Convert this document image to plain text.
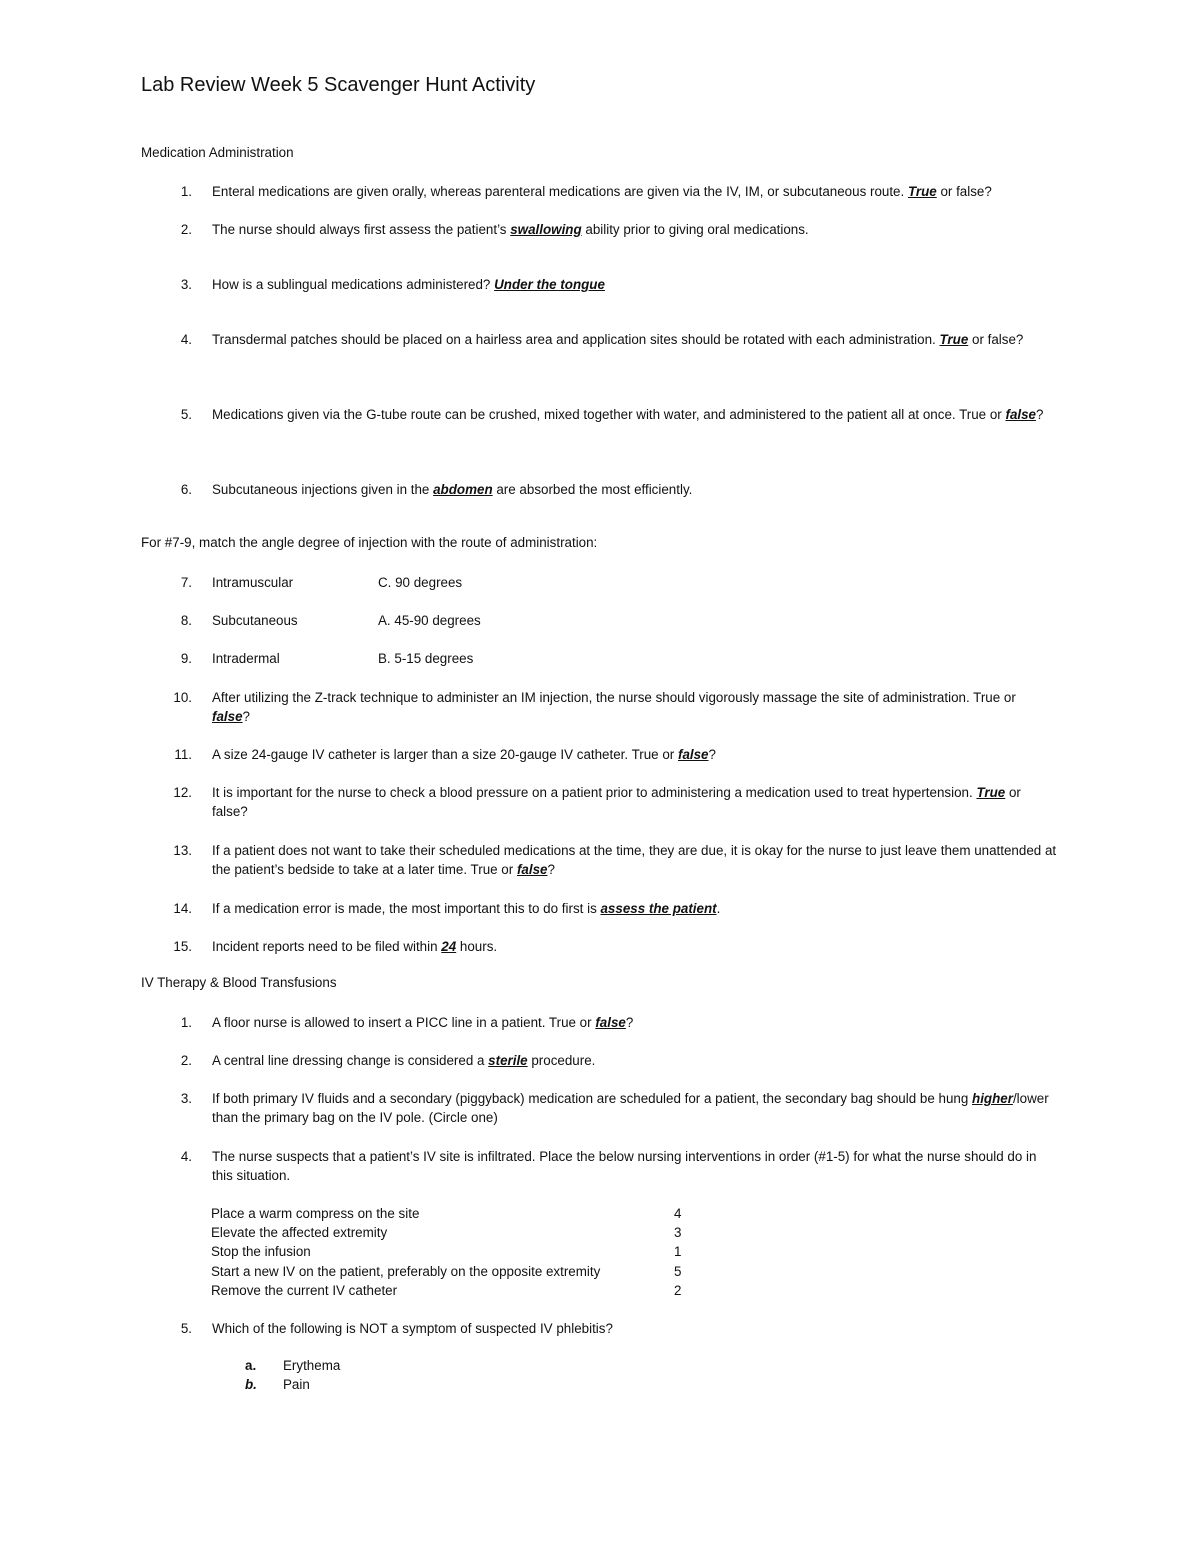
Lab Review Week 5 Scavenger Hunt Activity
Medication Administration
1. Enteral medications are given orally, whereas parenteral medications are given via the IV, IM, or subcutaneous route. True or false?
2. The nurse should always first assess the patient’s swallowing ability prior to giving oral medications.
3. How is a sublingual medications administered? Under the tongue
4. Transdermal patches should be placed on a hairless area and application sites should be rotated with each administration. True or false?
5. Medications given via the G-tube route can be crushed, mixed together with water, and administered to the patient all at once. True or false?
6. Subcutaneous injections given in the abdomen are absorbed the most efficiently.
For #7-9, match the angle degree of injection with the route of administration:
7. Intramuscular	C. 90 degrees
8. Subcutaneous	A. 45-90 degrees
9. Intradermal	B. 5-15 degrees
10. After utilizing the Z-track technique to administer an IM injection, the nurse should vigorously massage the site of administration. True or false?
11. A size 24-gauge IV catheter is larger than a size 20-gauge IV catheter. True or false?
12. It is important for the nurse to check a blood pressure on a patient prior to administering a medication used to treat hypertension. True or false?
13. If a patient does not want to take their scheduled medications at the time, they are due, it is okay for the nurse to just leave them unattended at the patient’s bedside to take at a later time. True or false?
14. If a medication error is made, the most important this to do first is assess the patient.
15. Incident reports need to be filed within 24 hours.
IV Therapy & Blood Transfusions
1. A floor nurse is allowed to insert a PICC line in a patient. True or false?
2. A central line dressing change is considered a sterile procedure.
3. If both primary IV fluids and a secondary (piggyback) medication are scheduled for a patient, the secondary bag should be hung higher/lower than the primary bag on the IV pole. (Circle one)
4. The nurse suspects that a patient’s IV site is infiltrated. Place the below nursing interventions in order (#1-5) for what the nurse should do in this situation.
Place a warm compress on the site	4
Elevate the affected extremity	3
Stop the infusion	1
Start a new IV on the patient, preferably on the opposite extremity	5
Remove the current IV catheter	2
5. Which of the following is NOT a symptom of suspected IV phlebitis?
a. Erythema
b. Pain
